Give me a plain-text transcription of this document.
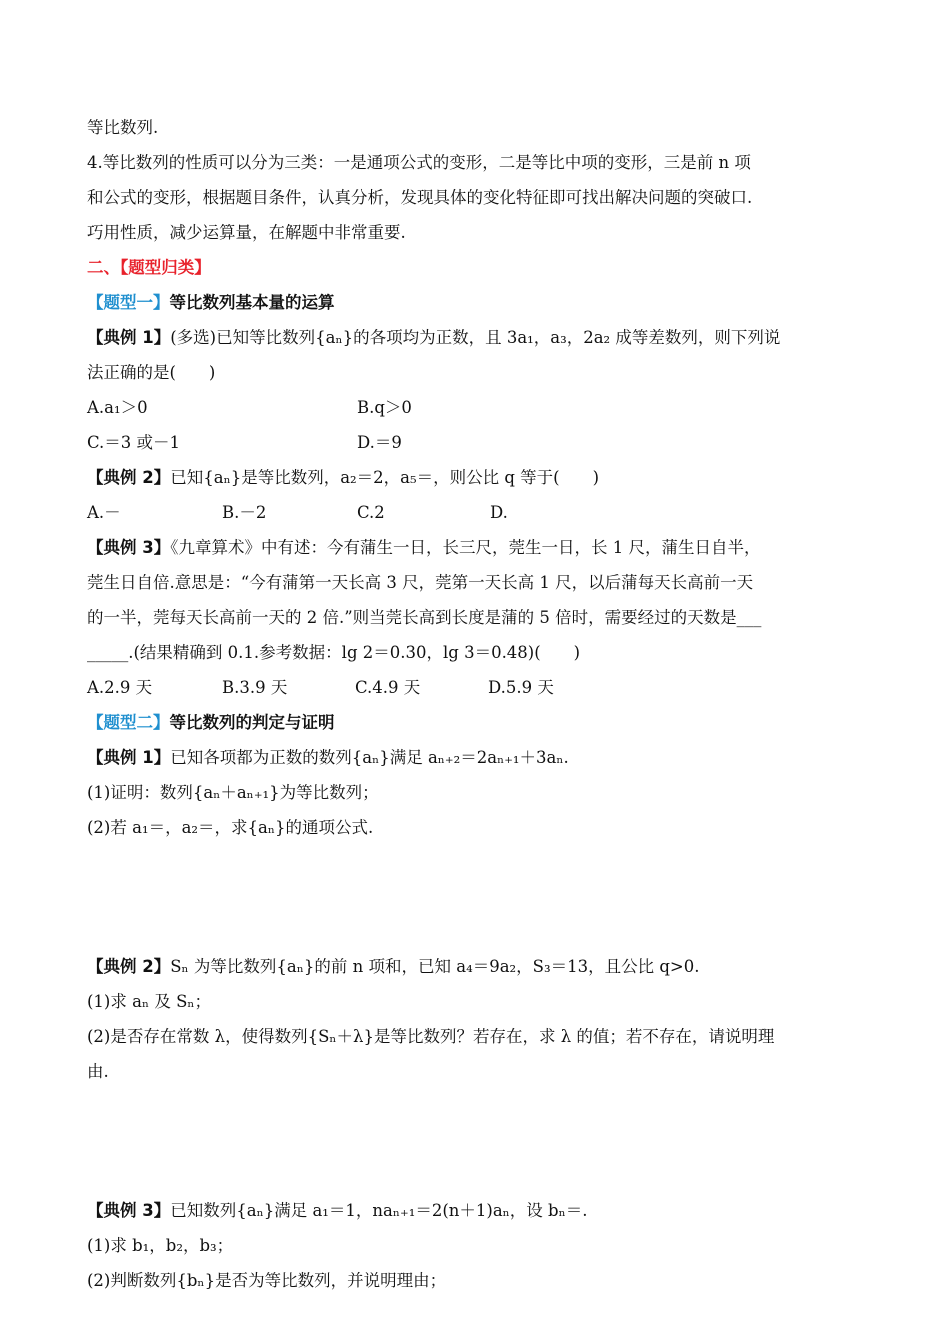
等比数列.
4.等比数列的性质可以分为三类：一是通项公式的变形，二是等比中项的变形，三是前 n 项
和公式的变形，根据题目条件，认真分析，发现具体的变化特征即可找出解决问题的突破口.
巧用性质，减少运算量，在解题中非常重要.
二、【题型归类】
【题型一】等比数列基本量的运算
【典例 1】(多选)已知等比数列{aₙ}的各项均为正数，且 3a₁，a₃，2a₂ 成等差数列，则下列说
法正确的是(　　)
A.a₁＞0	B.q＞0
C.＝3 或－1	D.＝9
【典例 2】已知{aₙ}是等比数列，a₂＝2，a₅＝，则公比 q 等于(　　)
A.－	B.－2	C.2	D.
【典例 3】《九章算术》中有述：今有蒲生一日，长三尺，莞生一日，长 1 尺，蒲生日自半，
莞生日自倍.意思是：“今有蒲第一天长高 3 尺，莞第一天长高 1 尺，以后蒲每天长高前一天
的一半，莞每天长高前一天的 2 倍.”则当莞长高到长度是蒲的 5 倍时，需要经过的天数是___
_____.(结果精确到 0.1.参考数据：lg 2＝0.30，lg 3＝0.48)(　　)
A.2.9 天	B.3.9 天	C.4.9 天	D.5.9 天
【题型二】等比数列的判定与证明
【典例 1】已知各项都为正数的数列{aₙ}满足 aₙ₊₂＝2aₙ₊₁＋3aₙ.
(1)证明：数列{aₙ＋aₙ₊₁}为等比数列；
(2)若 a₁＝，a₂＝，求{aₙ}的通项公式.
【典例 2】Sₙ 为等比数列{aₙ}的前 n 项和，已知 a₄＝9a₂，S₃＝13，且公比 q>0.
(1)求 aₙ 及 Sₙ；
(2)是否存在常数 λ，使得数列{Sₙ＋λ}是等比数列？若存在，求 λ 的值；若不存在，请说明理
由.
【典例 3】已知数列{aₙ}满足 a₁＝1，naₙ₊₁＝2(n＋1)aₙ，设 bₙ＝.
(1)求 b₁，b₂，b₃；
(2)判断数列{bₙ}是否为等比数列，并说明理由；
